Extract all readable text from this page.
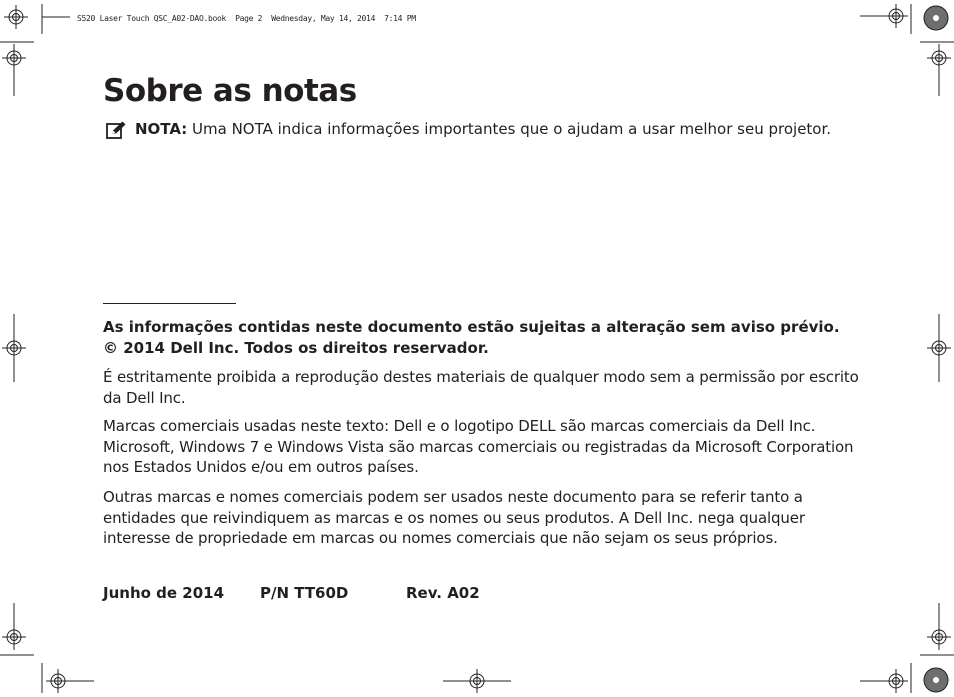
S520 Laser Touch QSC_A02-DAO.book  Page 2  Wednesday, May 14, 2014  7:14 PM
Sobre as notas

NOTA: Uma NOTA indica informações importantes que o ajudam a usar melhor seu projetor.

As informações contidas neste documento estão sujeitas a alteração sem aviso prévio.
© 2014 Dell Inc. Todos os direitos reservador.

É estritamente proibida a reprodução destes materiais de qualquer modo sem a permissão por escrito da Dell Inc.

Marcas comerciais usadas neste texto: Dell e o logotipo DELL são marcas comerciais da Dell Inc. Microsoft, Windows 7 e Windows Vista são marcas comerciais ou registradas da Microsoft Corporation nos Estados Unidos e/ou em outros países.

Outras marcas e nomes comerciais podem ser usados neste documento para se referir tanto a entidades que reivindiquem as marcas e os nomes ou seus produtos. A Dell Inc. nega qualquer interesse de propriedade em marcas ou nomes comerciais que não sejam os seus próprios.

Junho de 2014 P/N TT60D	Rev. A02
